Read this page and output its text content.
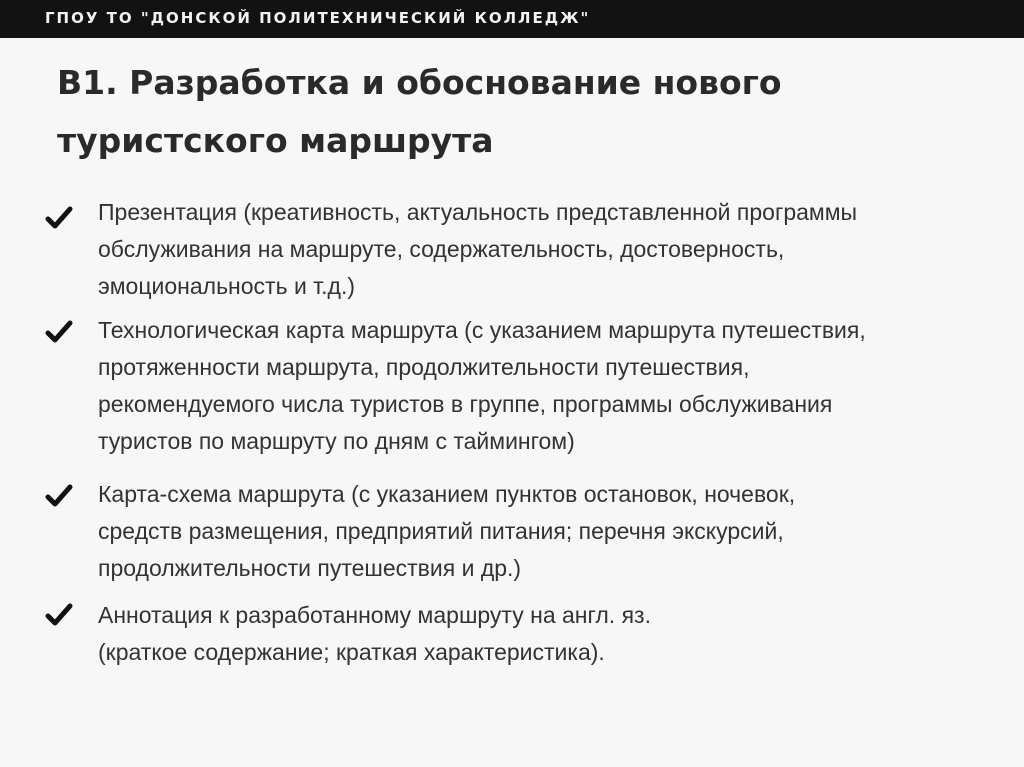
ГПОУ ТО "ДОНСКОЙ ПОЛИТЕХНИЧЕСКИЙ КОЛЛЕДЖ"
В1. Разработка и обоснование нового
туристского маршрута

Презентация (креативность, актуальность представленной программы
обслуживания на маршруте, содержательность, достоверность,
эмоциональность и т.д.)

Технологическая карта маршрута (с указанием маршрута путешествия,
протяженности маршрута, продолжительности путешествия,
рекомендуемого числа туристов в группе, программы обслуживания
туристов по маршруту по дням с таймингом)

Карта-схема маршрута (с указанием пунктов остановок, ночевок,
средств размещения, предприятий питания; перечня экскурсий,
продолжительности путешествия и др.)

Аннотация к разработанному маршруту на англ. яз.
(краткое содержание; краткая характеристика).
